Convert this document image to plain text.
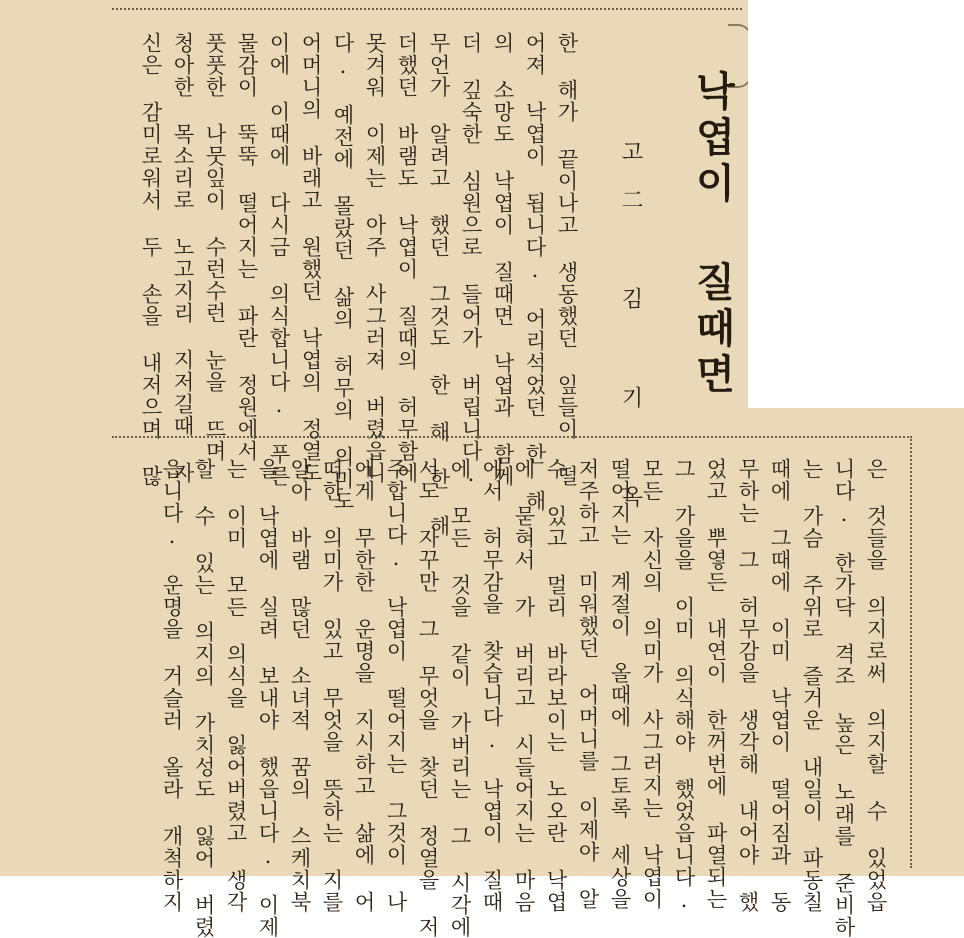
낙엽이 질때면
고二 김 기 옥
한 해가 끝이나고 생동했던 잎들이 떨
어져 낙엽이 됩니다. 어리석었던 한 해
의 소망도 낙엽이 질때면 낙엽과 함께
더 깊숙한 심원으로 들어가 버립니다.
무언가 알려고 했던 그것도 한 해 한 해
더했던 바램도 낙엽이 질때의 허무함에
못겨워 이제는 아주 사그러져 버렸읍니
다. 예전에 몰랐던 삶의 허무의 의미도
어머니의 바래고 원했던 낙엽의 정열도
이에 이때에 다시금 의식합니다. 푸른
물감이 뚝뚝 떨어지는 파란 정원에서
풋풋한 나뭇잎이 수런수런 눈을 뜨며
청아한 목소리로 노고지리 지저길때 자
신은 감미로워서 두 손을 내저으며 많
은 것들을 의지로써 의지할 수 있었읍
니다. 한가닥 격조 높은 노래를 준비하
는 가슴 주위로 즐거운 내일이 파동칠
때에 그때에 이미 낙엽이 떨어짐과 동
무하는 그 허무감을 생각해 내어야 했
었고 뿌옇든 내연이 한꺼번에 파열되는
그 가을을 이미 의식해야 했었읍니다.
모든 자신의 의미가 사그러지는 낙엽이
떨어지는 계절이 올때에 그토록 세상을
저주하고 미워했던 어머니를 이제야 알
수 있고 멀리 바라보이는 노오란 낙엽
에 묻혀서 가 버리고 시들어지는 마음
에서 허무감을 찾습니다. 낙엽이 질때
에 모든 것을 같이 가버리는 그 시각에
서도 자꾸만 그 무엇을 찾던 정열을 저
주합니다. 낙엽이 떨어지는 그것이 나
에게 무한한 운명을 지시하고 삶에 어
떠한 의미가 있고 무엇을 뜻하는 지를
알아 바램 많던 소녀적 꿈의 스케치북
을 낙엽에 실려 보내야 했읍니다. 이제
는 이미 모든 의식을 잃어버렸고 생각
할 수 있는 의지의 가치성도 잃어 버렸
읍니다. 운명을 거슬러 올라 개척하지
